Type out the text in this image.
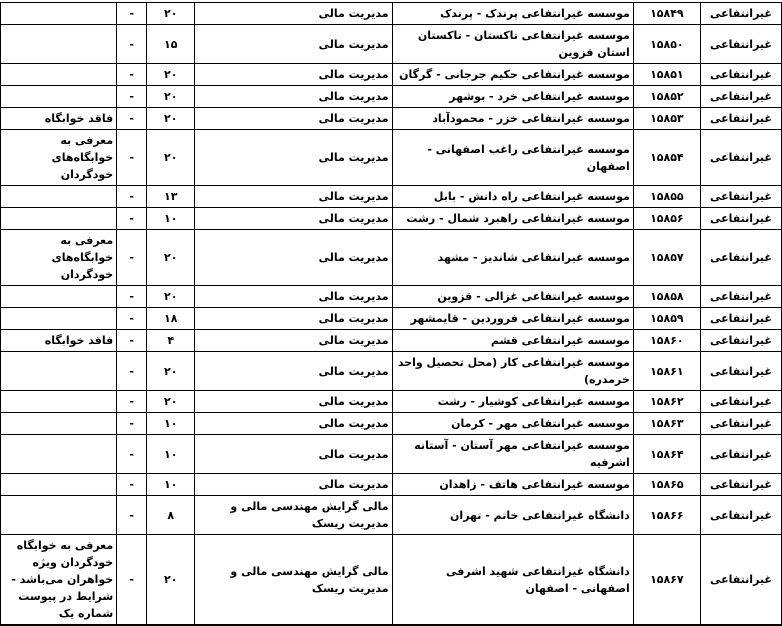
غیرانتفاعی	۱۵۸۴۹	موسسه غیرانتفاعی پرندک - پرندک	مدیریت مالی	۲۰	-	
غیرانتفاعی	۱۵۸۵۰	موسسه غیرانتفاعی تاکستان - تاکستان استان قزوین	مدیریت مالی	۱۵	-	
غیرانتفاعی	۱۵۸۵۱	موسسه غیرانتفاعی حکیم جرجانی - گرگان	مدیریت مالی	۲۰	-	
غیرانتفاعی	۱۵۸۵۲	موسسه غیرانتفاعی خرد - بوشهر	مدیریت مالی	۲۰	-	
غیرانتفاعی	۱۵۸۵۳	موسسه غیرانتفاعی خزر - محمودآباد	مدیریت مالی	۲۰	-	فاقد خوابگاه
غیرانتفاعی	۱۵۸۵۴	موسسه غیرانتفاعی راغب اصفهانی - اصفهان	مدیریت مالی	۲۰	-	معرفی به خوابگاه‌های خودگردان
غیرانتفاعی	۱۵۸۵۵	موسسه غیرانتفاعی راه دانش - بابل	مدیریت مالی	۱۳	-	
غیرانتفاعی	۱۵۸۵۶	موسسه غیرانتفاعی راهبرد شمال - رشت	مدیریت مالی	۱۰	-	
غیرانتفاعی	۱۵۸۵۷	موسسه غیرانتفاعی شاندیز - مشهد	مدیریت مالی	۲۰	-	معرفی به خوابگاه‌های خودگردان
غیرانتفاعی	۱۵۸۵۸	موسسه غیرانتفاعی غزالی - قزوین	مدیریت مالی	۲۰	-	
غیرانتفاعی	۱۵۸۵۹	موسسه غیرانتفاعی فروردین - قایمشهر	مدیریت مالی	۱۸	-	
غیرانتفاعی	۱۵۸۶۰	موسسه غیرانتفاعی قشم	مدیریت مالی	۴	-	فاقد خوابگاه
غیرانتفاعی	۱۵۸۶۱	موسسه غیرانتفاعی کار (محل تحصیل واحد خرمدره)	مدیریت مالی	۲۰	-	
غیرانتفاعی	۱۵۸۶۲	موسسه غیرانتفاعی کوشیار - رشت	مدیریت مالی	۲۰	-	
غیرانتفاعی	۱۵۸۶۳	موسسه غیرانتفاعی مهر - کرمان	مدیریت مالی	۱۰	-	
غیرانتفاعی	۱۵۸۶۴	موسسه غیرانتفاعی مهر آستان - آستانه اشرفیه	مدیریت مالی	۱۰	-	
غیرانتفاعی	۱۵۸۶۵	موسسه غیرانتفاعی هاتف - زاهدان	مدیریت مالی	۱۰	-	
غیرانتفاعی	۱۵۸۶۶	دانشگاه غیرانتفاعی خاتم - تهران	مالی گرایش مهندسی مالی و مدیریت ریسک	۸	-	
غیرانتفاعی	۱۵۸۶۷	دانشگاه غیرانتفاعی شهید اشرفی اصفهانی - اصفهان	مالی گرایش مهندسی مالی و مدیریت ریسک	۲۰	-	معرفی به خوابگاه خودگردان ویژه خواهران می‌باشد - شرایط در پیوست شماره یک
